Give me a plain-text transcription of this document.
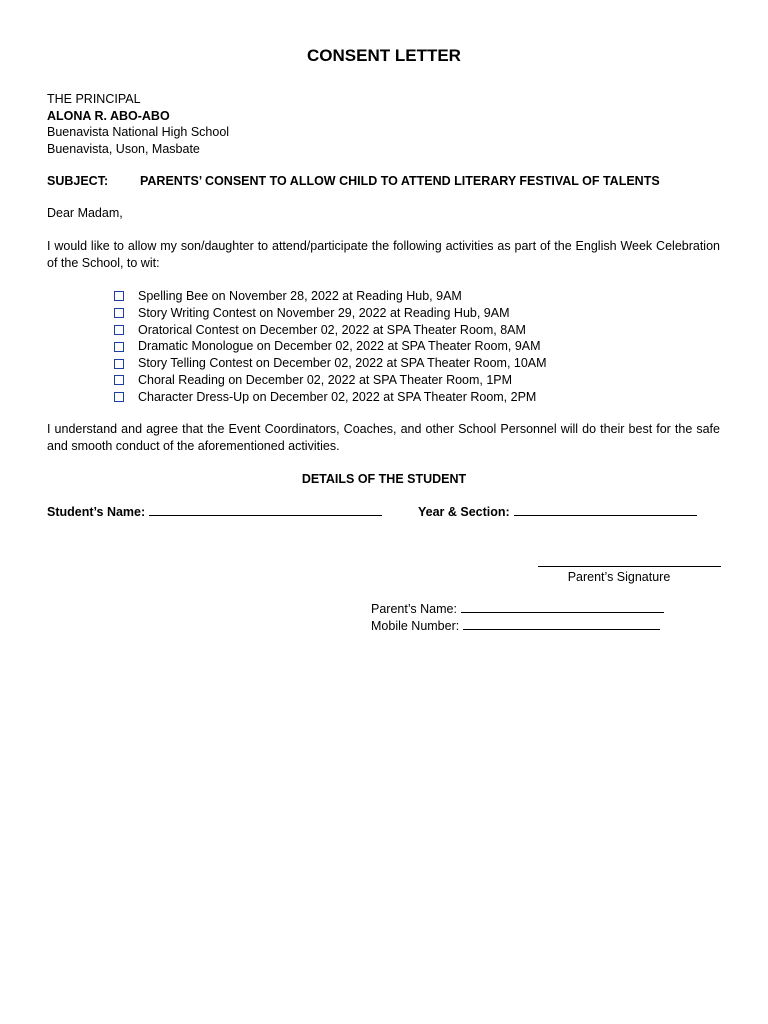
CONSENT LETTER
THE PRINCIPAL
ALONA R. ABO-ABO
Buenavista National High School
Buenavista, Uson, Masbate
SUBJECT:	PARENTS’ CONSENT TO ALLOW CHILD TO ATTEND LITERARY FESTIVAL OF TALENTS
Dear Madam,
I would like to allow my son/daughter to attend/participate the following activities as part of the English Week Celebration of the School, to wit:
Spelling Bee on November 28, 2022 at Reading Hub, 9AM
Story Writing Contest on November 29, 2022 at Reading Hub, 9AM
Oratorical Contest on December 02, 2022 at SPA Theater Room, 8AM
Dramatic Monologue on December 02, 2022 at SPA Theater Room, 9AM
Story Telling Contest on December 02, 2022 at SPA Theater Room, 10AM
Choral Reading on December 02, 2022 at SPA Theater Room, 1PM
Character Dress-Up on December 02, 2022 at SPA Theater Room, 2PM
I understand and agree that the Event Coordinators, Coaches, and other School Personnel will do their best for the safe and smooth conduct of the aforementioned activities.
DETAILS OF THE STUDENT
Student’s Name:	Year & Section:
Parent’s Signature
Parent’s Name:
Mobile Number:
